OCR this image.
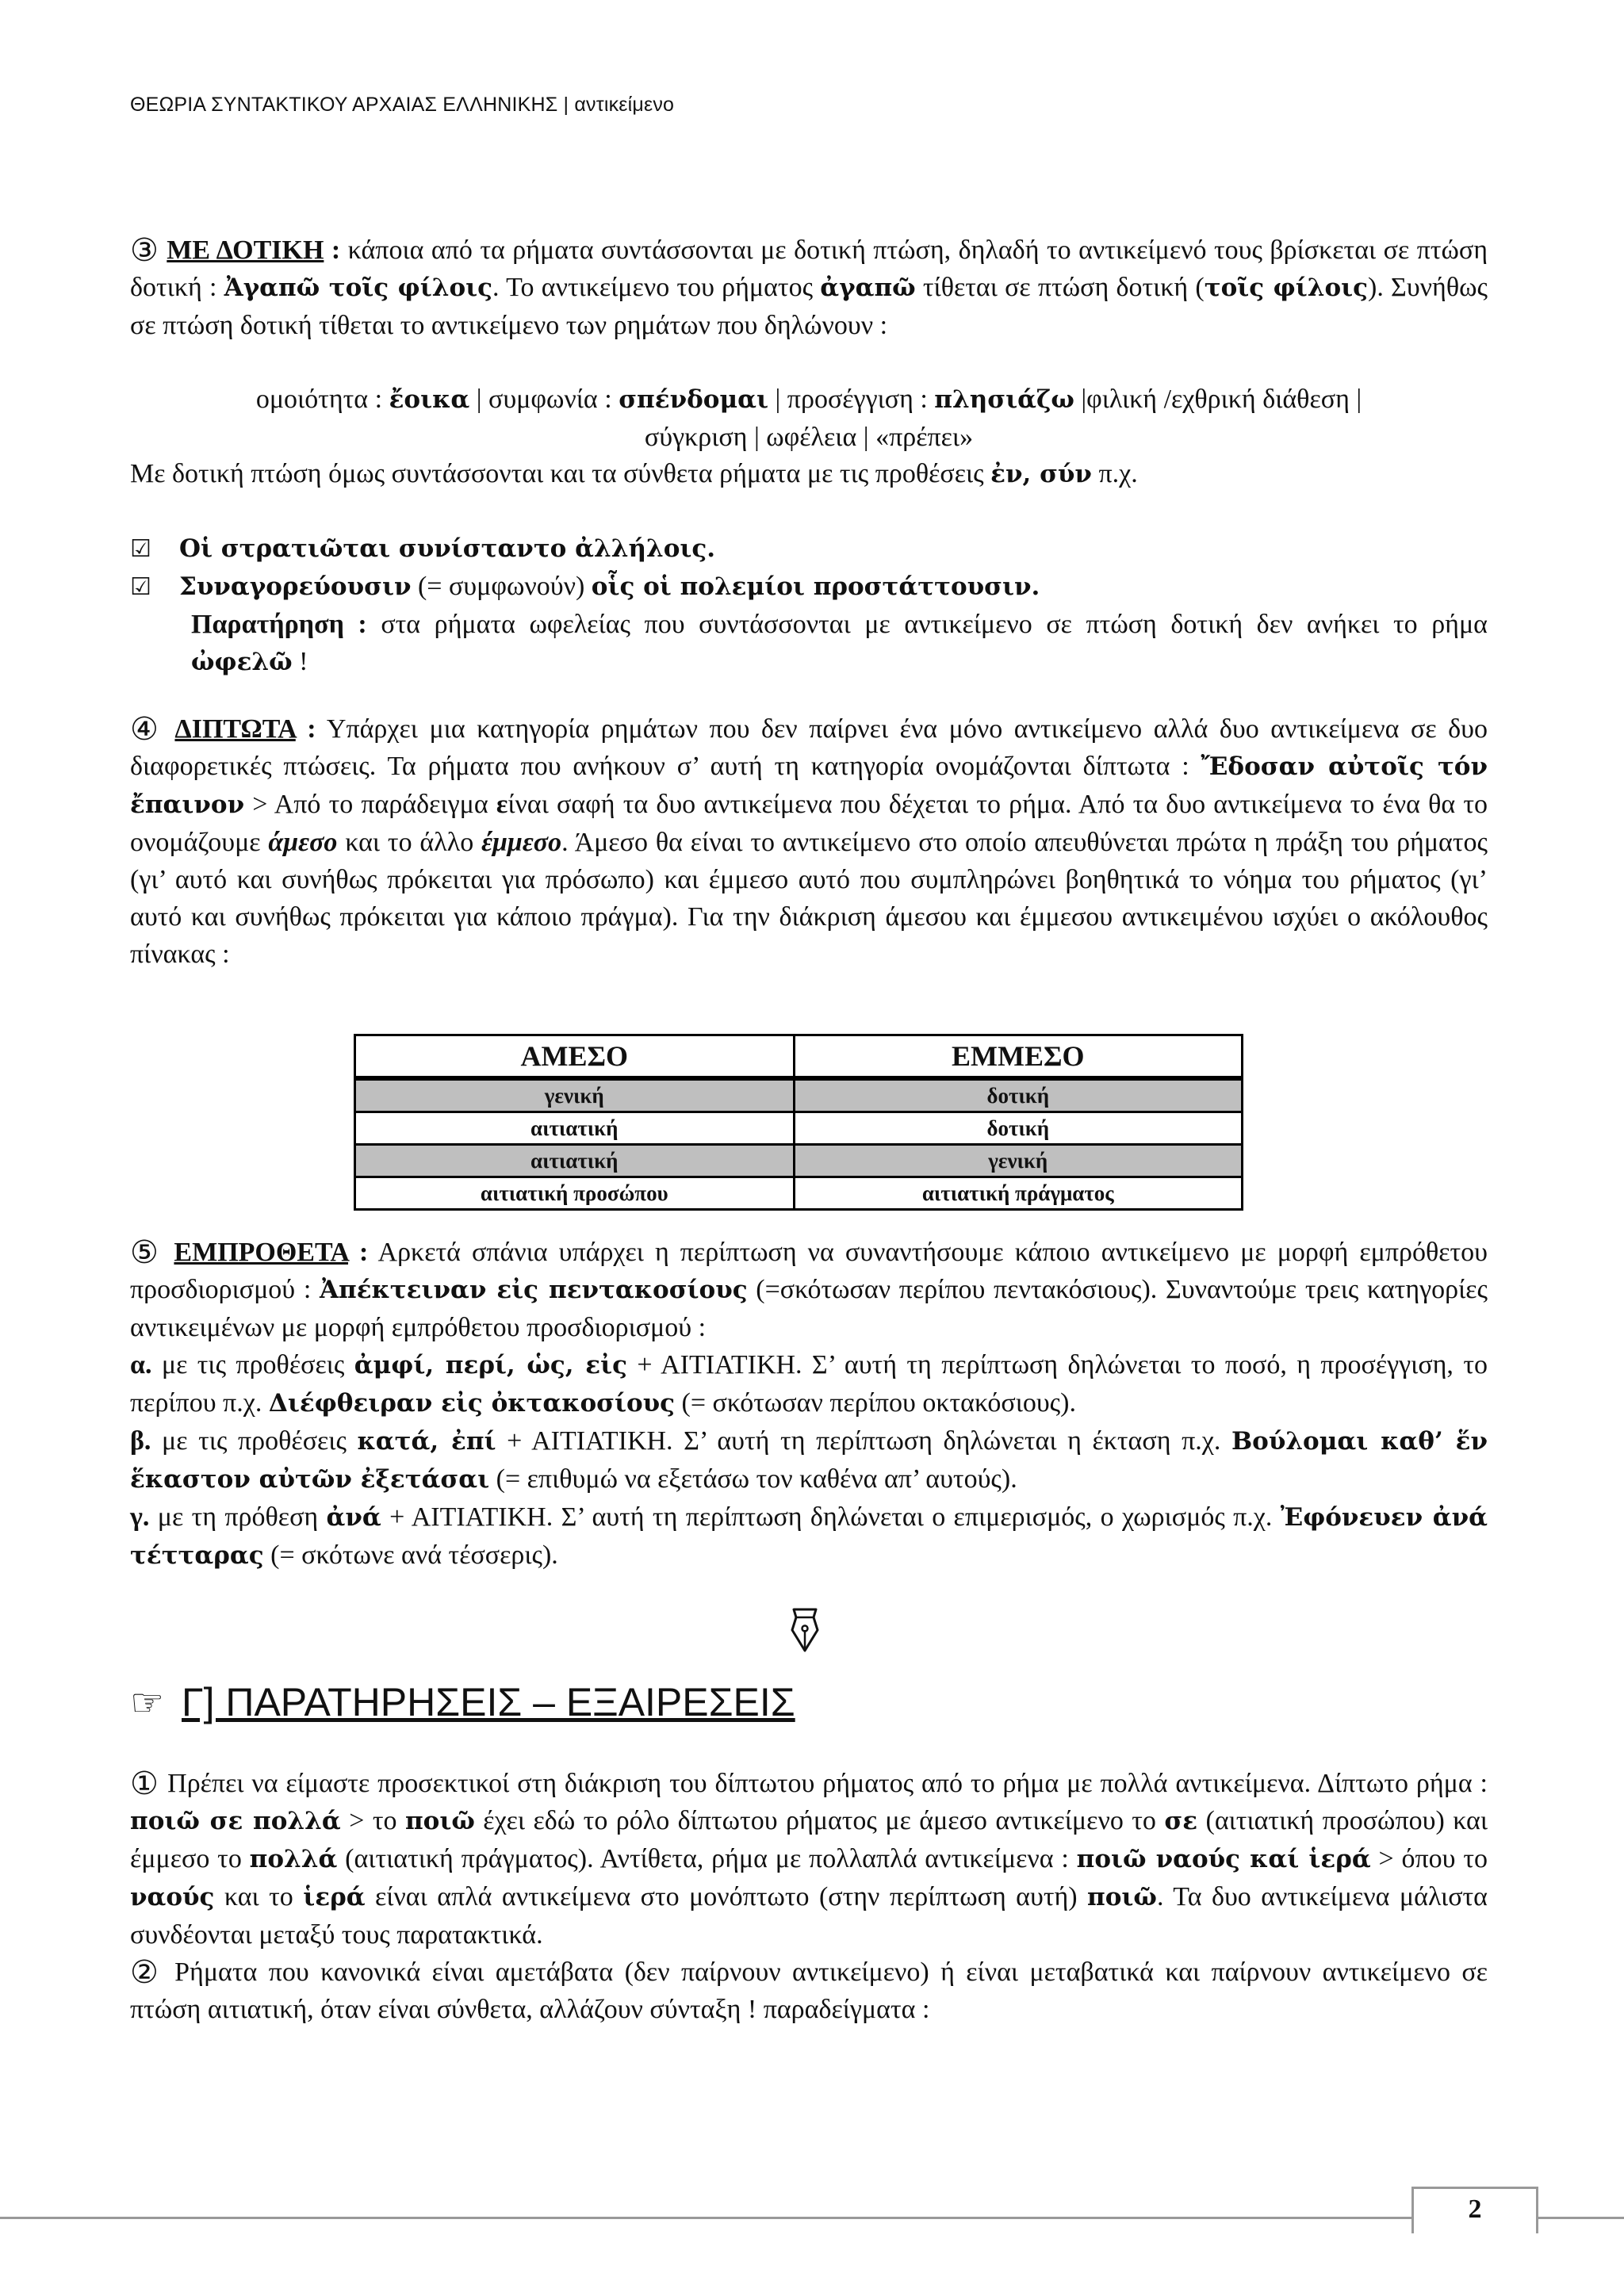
ΘΕΩΡΙΑ ΣΥΝΤΑΚΤΙΚΟΥ ΑΡΧΑΙΑΣ ΕΛΛΗΝΙΚΗΣ | αντικείμενο
③ ΜΕ ΔΟΤΙΚΗ : κάποια από τα ρήματα συντάσσονται με δοτική πτώση, δηλαδή το αντικείμενό τους βρίσκεται σε πτώση δοτική : Ἀγαπῶ τοῖς φίλοις. Το αντικείμενο του ρήματος ἀγαπῶ τίθεται σε πτώση δοτική (τοῖς φίλοις). Συνήθως σε πτώση δοτική τίθεται το αντικείμενο των ρημάτων που δηλώνουν :
ομοιότητα : ἔοικα | συμφωνία : σπένδομαι | προσέγγιση : πλησιάζω |φιλική /εχθρική διάθεση |
σύγκριση | ωφέλεια | «πρέπει»
Με δοτική πτώση όμως συντάσσονται και τα σύνθετα ρήματα με τις προθέσεις ἐν, σύν π.χ.
☑ Οἱ στρατιῶται συνίσταντο ἀλλήλοις.
☑ Συναγορεύουσιν (= συμφωνούν) οἷς οἱ πολεμίοι προστάττουσιν.
Παρατήρηση : στα ρήματα ωφελείας που συντάσσονται με αντικείμενο σε πτώση δοτική δεν ανήκει το ρήμα ὠφελῶ !
④ ΔΙΠΤΩΤΑ : Υπάρχει μια κατηγορία ρημάτων που δεν παίρνει ένα μόνο αντικείμενο αλλά δυο αντικείμενα σε δυο διαφορετικές πτώσεις. Τα ρήματα που ανήκουν σ’ αυτή τη κατηγορία ονομάζονται δίπτωτα : Ἔδοσαν αὐτοῖς τόν ἔπαινον > Από το παράδειγμα είναι σαφή τα δυο αντικείμενα που δέχεται το ρήμα. Από τα δυο αντικείμενα το ένα θα το ονομάζουμε άμεσο και το άλλο έμμεσο. Άμεσο θα είναι το αντικείμενο στο οποίο απευθύνεται πρώτα η πράξη του ρήματος (γι’ αυτό και συνήθως πρόκειται για πρόσωπο) και έμμεσο αυτό που συμπληρώνει βοηθητικά το νόημα του ρήματος (γι’ αυτό και συνήθως πρόκειται για κάποιο πράγμα). Για την διάκριση άμεσου και έμμεσου αντικειμένου ισχύει ο ακόλουθος πίνακας :
ΑΜΕΣΟ	ΕΜΜΕΣΟ
γενική	δοτική
αιτιατική	δοτική
αιτιατική	γενική
αιτιατική προσώπου	αιτιατική πράγματος
⑤ ΕΜΠΡΟΘΕΤΑ : Αρκετά σπάνια υπάρχει η περίπτωση να συναντήσουμε κάποιο αντικείμενο με μορφή εμπρόθετου προσδιορισμού : Ἀπέκτειναν εἰς πεντακοσίους (=σκότωσαν περίπου πεντακόσιους). Συναντούμε τρεις κατηγορίες αντικειμένων με μορφή εμπρόθετου προσδιορισμού :
α. με τις προθέσεις ἀμφί, περί, ὡς, εἰς + ΑΙΤΙΑΤΙΚΗ. Σ’ αυτή τη περίπτωση δηλώνεται το ποσό, η προσέγγιση, το περίπου π.χ. Διέφθειραν εἰς ὀκτακοσίους (= σκότωσαν περίπου οκτακόσιους).
β. με τις προθέσεις κατά, ἐπί + ΑΙΤΙΑΤΙΚΗ. Σ’ αυτή τη περίπτωση δηλώνεται η έκταση π.χ. Βούλομαι καθ’ ἕν ἕκαστον αὐτῶν ἐξετάσαι (= επιθυμώ να εξετάσω τον καθένα απ’ αυτούς).
γ. με τη πρόθεση ἀνά + ΑΙΤΙΑΤΙΚΗ. Σ’ αυτή τη περίπτωση δηλώνεται ο επιμερισμός, ο χωρισμός π.χ. Ἐφόνευεν ἀνά τέτταρας (= σκότωνε ανά τέσσερις).
☞ Γ] ΠΑΡΑΤΗΡΗΣΕΙΣ – ΕΞΑΙΡΕΣΕΙΣ
① Πρέπει να είμαστε προσεκτικοί στη διάκριση του δίπτωτου ρήματος από το ρήμα με πολλά αντικείμενα. Δίπτωτο ρήμα : ποιῶ σε πολλά > το ποιῶ έχει εδώ το ρόλο δίπτωτου ρήματος με άμεσο αντικείμενο το σε (αιτιατική προσώπου) και έμμεσο το πολλά (αιτιατική πράγματος). Αντίθετα, ρήμα με πολλαπλά αντικείμενα : ποιῶ ναούς καί ἱερά > όπου το ναούς και το ἱερά είναι απλά αντικείμενα στο μονόπτωτο (στην περίπτωση αυτή) ποιῶ. Τα δυο αντικείμενα μάλιστα συνδέονται μεταξύ τους παρατακτικά.
② Ρήματα που κανονικά είναι αμετάβατα (δεν παίρνουν αντικείμενο) ή είναι μεταβατικά και παίρνουν αντικείμενο σε πτώση αιτιατική, όταν είναι σύνθετα, αλλάζουν σύνταξη ! παραδείγματα :
2
